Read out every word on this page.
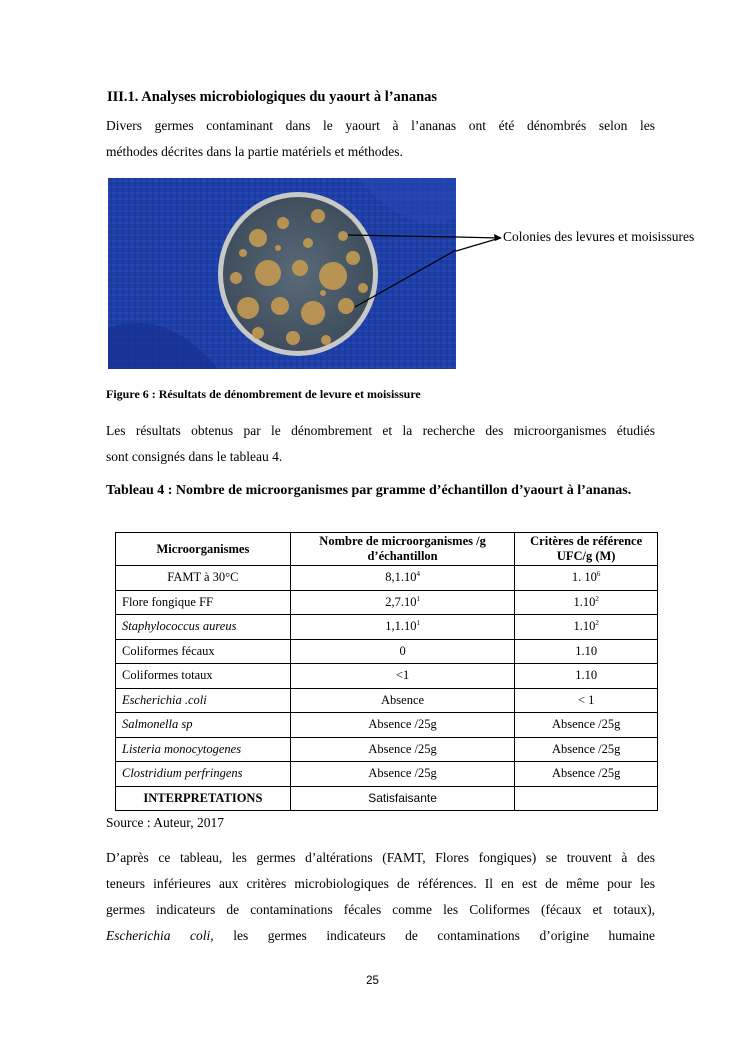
III.1. Analyses microbiologiques du yaourt à l’ananas
Divers germes contaminant dans le yaourt à l’ananas ont été dénombrés selon les
méthodes décrites dans la partie matériels et méthodes.
Colonies des levures et moisissures
Figure 6 : Résultats de dénombrement de levure et moisissure
Les résultats obtenus par le dénombrement et la recherche des microorganismes étudiés
sont consignés dans le tableau 4.
Tableau 4 : Nombre de microorganismes par gramme d’échantillon d’yaourt à l’ananas.
Microorganismes	Nombre de microorganismes /g d’échantillon	Critères de référence UFC/g (M)
FAMT à 30°C	8,1.10$^4$	1. $10^6$
Flore fongique FF	2,7.10$^1$	1.10$^2$
Staphylococcus aureus	1,1.10$^1$	1.10$^2$
Coliformes fécaux	0	1.10
Coliformes totaux	<1	1.10
Escherichia .coli	Absence	< 1
Salmonella sp	Absence /25g	Absence /25g
Listeria monocytogenes	Absence /25g	Absence /25g
Clostridium perfringens	Absence /25g	Absence /25g
INTERPRETATIONS	Satisfaisante	
Source : Auteur, 2017
D’après ce tableau, les germes d’altérations (FAMT, Flores fongiques) se trouvent à des
teneurs inférieures aux critères microbiologiques de références. Il en est de même pour les
germes indicateurs de contaminations fécales comme les Coliformes (fécaux et totaux),
Escherichia coli, les germes indicateurs de contaminations d’origine humaine
25
